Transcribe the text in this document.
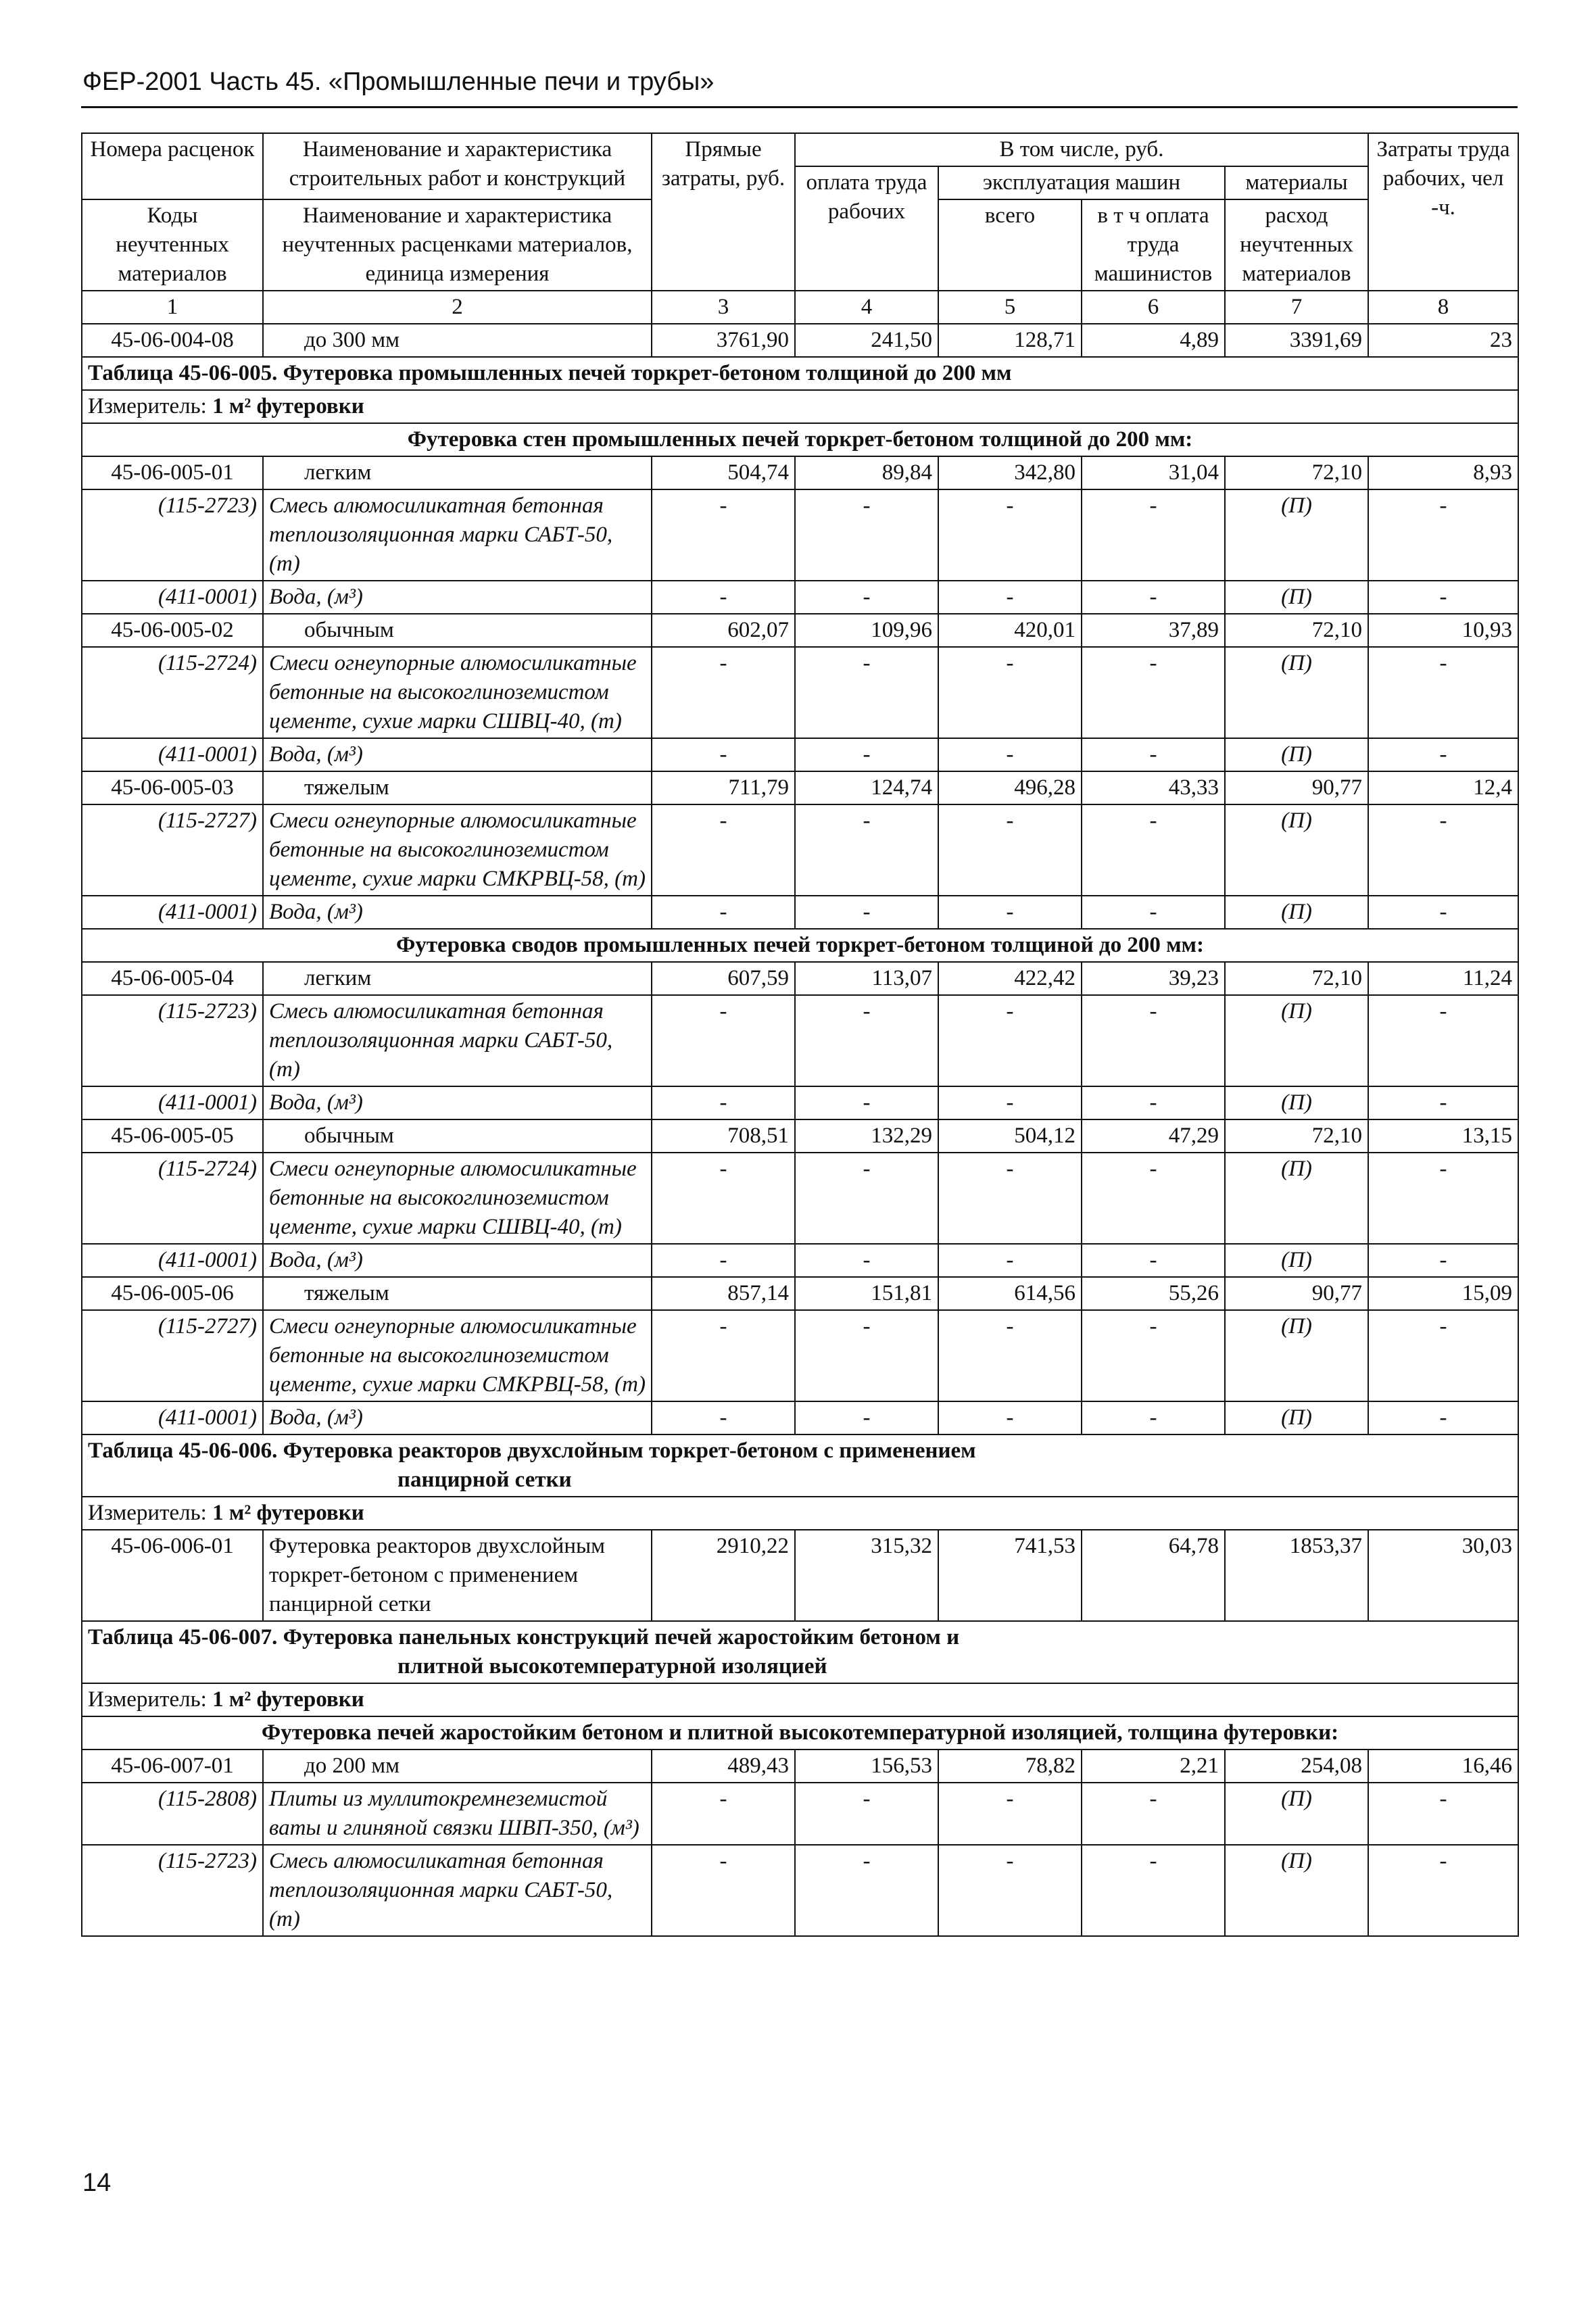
ФЕР-2001 Часть 45. «Промышленные печи и трубы»
Номера расценок	Наименование и характеристика строительных работ и конструкций	Прямые затраты, руб.	В том числе, руб.				Затраты труда рабочих, чел -ч.
			оплата труда рабочих	эксплуатация машин		материалы	
Коды неучтенных материалов	Наименование и характеристика неучтенных расценками материалов, единица измерения			всего	в т ч оплата труда машинистов	расход неучтенных материалов	

1	2	3	4	5	6	7	8
45-06-004-08	до 300 мм	3761,90	241,50	128,71	4,89	3391,69	23
Таблица 45-06-005. Футеровка промышленных печей торкрет-бетоном толщиной до 200 мм							
Измеритель: 1 м² футеровки							
Футеровка стен промышленных печей торкрет-бетоном толщиной до 200 мм:							
45-06-005-01	легким	504,74	89,84	342,80	31,04	72,10	8,93
(115-2723)	Смесь алюмосиликатная бетонная теплоизоляционная марки САБТ-50, (т)	-	-	-	-	(П)	-
(411-0001)	Вода, (м³)	-	-	-	-	(П)	-
45-06-005-02	обычным	602,07	109,96	420,01	37,89	72,10	10,93
(115-2724)	Смеси огнеупорные алюмосиликатные бетонные на высокоглиноземистом цементе, сухие марки СШВЦ-40, (т)	-	-	-	-	(П)	-
(411-0001)	Вода, (м³)	-	-	-	-	(П)	-
45-06-005-03	тяжелым	711,79	124,74	496,28	43,33	90,77	12,4
(115-2727)	Смеси огнеупорные алюмосиликатные бетонные на высокоглиноземистом цементе, сухие марки СМКРВЦ-58, (т)	-	-	-	-	(П)	-
(411-0001)	Вода, (м³)	-	-	-	-	(П)	-
Футеровка сводов промышленных печей торкрет-бетоном толщиной до 200 мм:							
45-06-005-04	легким	607,59	113,07	422,42	39,23	72,10	11,24
(115-2723)	Смесь алюмосиликатная бетонная теплоизоляционная марки САБТ-50, (т)	-	-	-	-	(П)	-
(411-0001)	Вода, (м³)	-	-	-	-	(П)	-
45-06-005-05	обычным	708,51	132,29	504,12	47,29	72,10	13,15
(115-2724)	Смеси огнеупорные алюмосиликатные бетонные на высокоглиноземистом цементе, сухие марки СШВЦ-40, (т)	-	-	-	-	(П)	-
(411-0001)	Вода, (м³)	-	-	-	-	(П)	-
45-06-005-06	тяжелым	857,14	151,81	614,56	55,26	90,77	15,09
(115-2727)	Смеси огнеупорные алюмосиликатные бетонные на высокоглиноземистом цементе, сухие марки СМКРВЦ-58, (т)	-	-	-	-	(П)	-
(411-0001)	Вода, (м³)	-	-	-	-	(П)	-

Таблица 45-06-006. Футеровка реакторов двухслойным торкрет-бетоном с применением
панцирной сетки							

Измеритель: 1 м² футеровки							
45-06-006-01	Футеровка реакторов двухслойным торкрет-бетоном с применением панцирной сетки	2910,22	315,32	741,53	64,78	1853,37	30,03

Таблица 45-06-007. Футеровка панельных конструкций печей жаростойким бетоном и
плитной высокотемпературной изоляцией							

Измеритель: 1 м² футеровки							
Футеровка печей жаростойким бетоном и плитной высокотемпературной изоляцией, толщина футеровки:							
45-06-007-01	до 200 мм	489,43	156,53	78,82	2,21	254,08	16,46
(115-2808)	Плиты из муллитокремнеземистой ваты и глиняной связки ШВП-350, (м³)	-	-	-	-	(П)	-
(115-2723)	Смесь алюмосиликатная бетонная теплоизоляционная марки САБТ-50, (т)	-	-	-	-	(П)	-
14
